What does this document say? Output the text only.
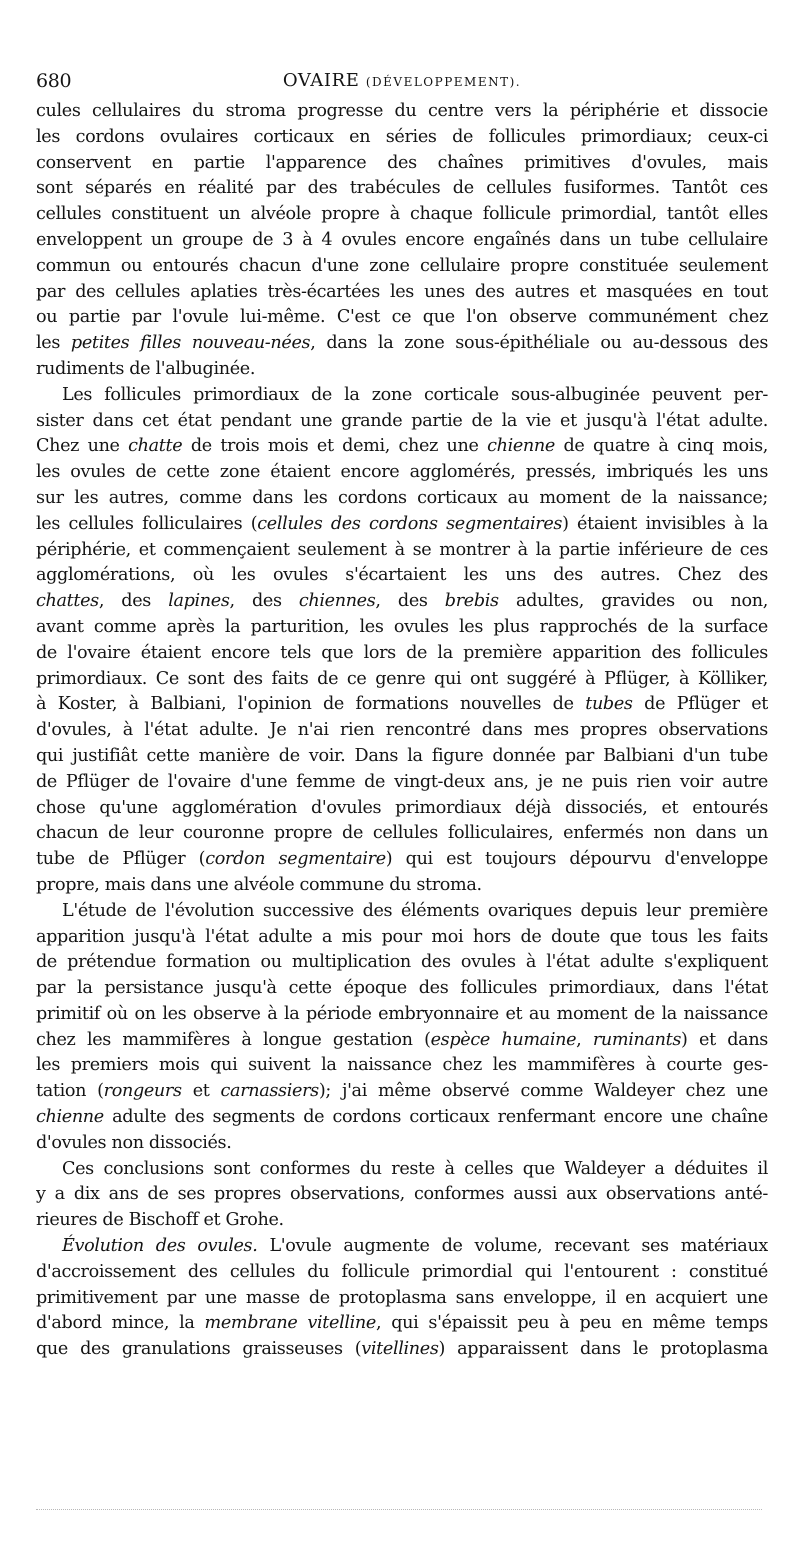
680	OVAIRE (DÉVELOPPEMENT).
cules cellulaires du stroma progresse du centre vers la périphérie et dissocie
les cordons ovulaires corticaux en séries de follicules primordiaux; ceux-ci
conservent en partie l'apparence des chaînes primitives d'ovules, mais
sont séparés en réalité par des trabécules de cellules fusiformes. Tantôt ces
cellules constituent un alvéole propre à chaque follicule primordial, tantôt elles
enveloppent un groupe de 3 à 4 ovules encore engaînés dans un tube cellulaire
commun ou entourés chacun d'une zone cellulaire propre constituée seulement
par des cellules aplaties très-écartées les unes des autres et masquées en tout
ou partie par l'ovule lui-même. C'est ce que l'on observe communément chez
les petites filles nouveau-nées, dans la zone sous-épithéliale ou au-dessous des
rudiments de l'albuginée.
Les follicules primordiaux de la zone corticale sous-albuginée peuvent per-
sister dans cet état pendant une grande partie de la vie et jusqu'à l'état adulte.
Chez une chatte de trois mois et demi, chez une chienne de quatre à cinq mois,
les ovules de cette zone étaient encore agglomérés, pressés, imbriqués les uns
sur les autres, comme dans les cordons corticaux au moment de la naissance;
les cellules folliculaires (cellules des cordons segmentaires) étaient invisibles à la
périphérie, et commençaient seulement à se montrer à la partie inférieure de ces
agglomérations, où les ovules s'écartaient les uns des autres. Chez des
chattes, des lapines, des chiennes, des brebis adultes, gravides ou non,
avant comme après la parturition, les ovules les plus rapprochés de la surface
de l'ovaire étaient encore tels que lors de la première apparition des follicules
primordiaux. Ce sont des faits de ce genre qui ont suggéré à Pflüger, à Kölliker,
à Koster, à Balbiani, l'opinion de formations nouvelles de tubes de Pflüger et
d'ovules, à l'état adulte. Je n'ai rien rencontré dans mes propres observations
qui justifiât cette manière de voir. Dans la figure donnée par Balbiani d'un tube
de Pflüger de l'ovaire d'une femme de vingt-deux ans, je ne puis rien voir autre
chose qu'une agglomération d'ovules primordiaux déjà dissociés, et entourés
chacun de leur couronne propre de cellules folliculaires, enfermés non dans un
tube de Pflüger (cordon segmentaire) qui est toujours dépourvu d'enveloppe
propre, mais dans une alvéole commune du stroma.
L'étude de l'évolution successive des éléments ovariques depuis leur première
apparition jusqu'à l'état adulte a mis pour moi hors de doute que tous les faits
de prétendue formation ou multiplication des ovules à l'état adulte s'expliquent
par la persistance jusqu'à cette époque des follicules primordiaux, dans l'état
primitif où on les observe à la période embryonnaire et au moment de la naissance
chez les mammifères à longue gestation (espèce humaine, ruminants) et dans
les premiers mois qui suivent la naissance chez les mammifères à courte ges-
tation (rongeurs et carnassiers); j'ai même observé comme Waldeyer chez une
chienne adulte des segments de cordons corticaux renfermant encore une chaîne
d'ovules non dissociés.
Ces conclusions sont conformes du reste à celles que Waldeyer a déduites il
y a dix ans de ses propres observations, conformes aussi aux observations anté-
rieures de Bischoff et Grohe.
Évolution des ovules. L'ovule augmente de volume, recevant ses matériaux
d'accroissement des cellules du follicule primordial qui l'entourent : constitué
primitivement par une masse de protoplasma sans enveloppe, il en acquiert une
d'abord mince, la membrane vitelline, qui s'épaissit peu à peu en même temps
que des granulations graisseuses (vitellines) apparaissent dans le protoplasma
